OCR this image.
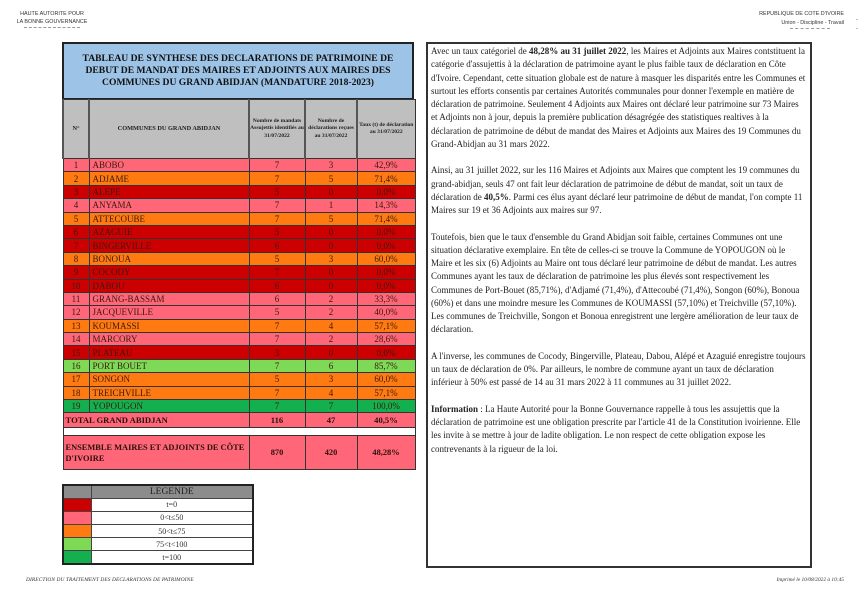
HAUTE AUTORITE POUR
LA BONNE GOUVERNANCE
REPUBLIQUE DE COTE D'IVOIRE
Union - Discipline - Travail -
-
TABLEAU DE SYNTHESE DES DECLARATIONS DE PATRIMOINE DE DEBUT DE MANDAT DES MAIRES ET ADJOINTS AUX MAIRES DES COMMUNES DU GRAND ABIDJAN (MANDATURE 2018-2023)
N°	COMMUNES DU GRAND ABIDJAN	Nombre de mandats Assujettis identifiés au 31/07/2022	Nombre de déclarations reçues au 31/07/2022	Taux (t) de déclaration au 31/07/2022
1	ABOBO	7	3	42,9%
2	ADJAME	7	5	71,4%
3	ALEPE	5	0	0,0%
4	ANYAMA	7	1	14,3%
5	ATTECOUBE	7	5	71,4%
6	AZAGUIE	5	0	0,0%
7	BINGERVILLE	6	0	0,0%
8	BONOUA	5	3	60,0%
9	COCODY	7	0	0,0%
10	DABOU	6	0	0,0%
11	GRANG-BASSAM	6	2	33,3%
12	JACQUEVILLE	5	2	40,0%
13	KOUMASSI	7	4	57,1%
14	MARCORY	7	2	28,6%
15	PLATEAU	3	0	0,0%
16	PORT BOUET	7	6	85,7%
17	SONGON	5	3	60,0%
18	TREICHVILLE	7	4	57,1%
19	YOPOUGON	7	7	100,0%
TOTAL GRAND ABIDJAN		116	47	40,5%

ENSEMBLE MAIRES ET ADJOINTS DE CÔTE D'IVOIRE		870	420	48,28%
	LEGENDE
	t=0
	0<t≤50
	50<t≤75
	75<t<100
	t=100

Avec un taux catégoriel de 48,28% au 31 juillet 2022, les Maires et Adjoints aux Maires contstituent la catégorie d'assujettis à la déclaration de patrimoine ayant le plus faible taux de déclaration en Côte d'Ivoire. Cependant, cette situation globale est de nature à masquer les disparités entre les Communes et surtout les efforts consentis par certaines Autorités communales pour donner l'exemple en matière de déclaration de patrimoine. Seulement 4 Adjoints aux Maires ont déclaré leur patrimoine sur 73 Maires et Adjoints non à jour, depuis la première publication désagrégée des statistiques realtives à la déclaration de patrimoine de début de mandat des Maires et Adjoints aux Maires des 19 Communes du Grand-Abidjan au 31 mars 2022.

Ainsi, au 31 juillet 2022, sur les 116 Maires et Adjoints aux Maires que comptent les 19 communes du grand-abidjan, seuls 47 ont fait leur déclaration de patrimoine de début de mandat, soit un taux de déclaration de 40,5%. Parmi ces élus ayant déclaré leur patrimoine de début de mandat, l'on compte 11 Maires sur 19 et 36 Adjoints aux maires sur 97.

Toutefois, bien que le taux d'ensemble du Grand Abidjan soit faible, certaines Communes ont une situation déclarative exemplaire. En tête de celles-ci se trouve la Commune de YOPOUGON où le Maire et les six (6) Adjoints au Maire ont tous déclaré leur patrimoine de début de mandat. Les autres Communes ayant les taux de déclaration de patrimoine les plus élevés sont respectivement les Communes de Port-Bouet (85,71%), d'Adjamé (71,4%), d'Attecoubé (71,4%), Songon (60%), Bonoua (60%) et dans une moindre mesure les Communes de KOUMASSI (57,10%) et Treichville (57,10%). Les communes de Treichville, Songon et Bonoua enregistrent une lergère amélioration de leur taux de déclaration.

A l'inverse, les communes de Cocody, Bingerville, Plateau, Dabou, Alépé et Azaguié enregistre toujours un taux de déclaration de 0%. Par ailleurs, le nombre de commune ayant un taux de déclaration inférieur à 50% est passé de 14 au 31 mars 2022 à 11 communes au 31 juillet 2022.

Information : La Haute Autorité pour la Bonne Gouvernance rappelle à tous les assujettis que la déclaration de patrimoine est une obligation prescrite par l'article 41 de la Constitution ivoirienne. Elle les invite à se mettre à jour de ladite obligation. Le non respect de cette obligation expose les contrevenants à la rigueur de la loi.

DIRECTION DU TRAITEMENT DES DECLARATIONS DE PATRIMOINE	Imprimé le 10/08/2022 à 10:45
